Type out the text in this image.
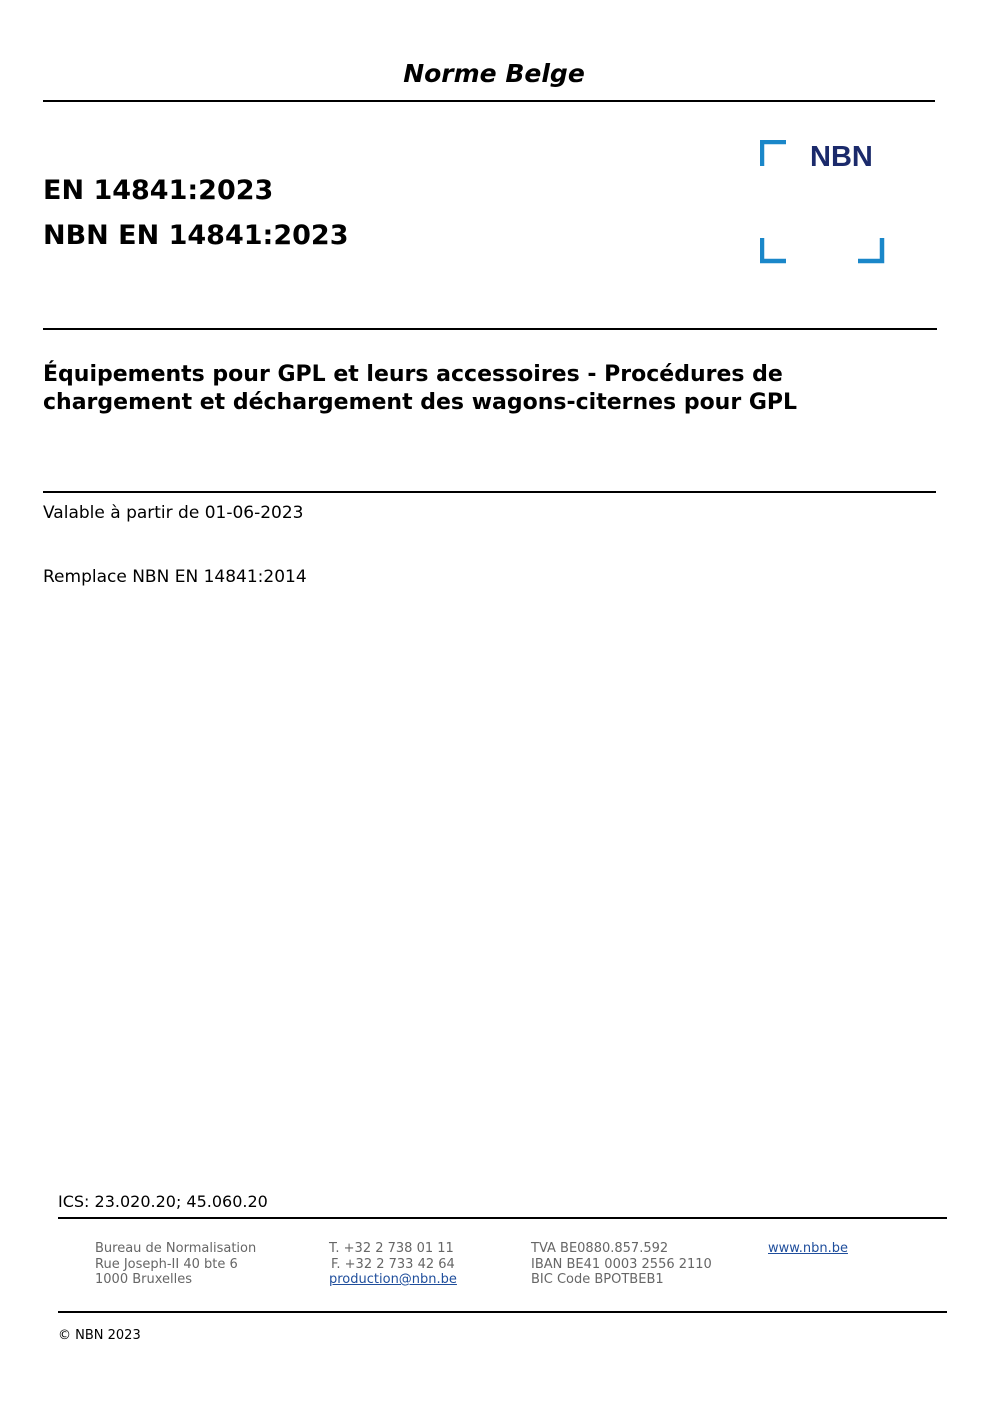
Norme Belge
EN 14841:2023
NBN EN 14841:2023
NBN
Équipements pour GPL et leurs accessoires - Procédures de
chargement et déchargement des wagons-citernes pour GPL
Valable à partir de 01-06-2023
Remplace NBN EN 14841:2014
ICS: 23.020.20; 45.060.20
Bureau de Normalisation
Rue Joseph-II 40 bte 6
1000 Bruxelles
T. +32 2 738 01 11
F. +32 2 733 42 64
production@nbn.be
TVA BE0880.857.592
IBAN BE41 0003 2556 2110
BIC Code BPOTBEB1
www.nbn.be
© NBN 2023
